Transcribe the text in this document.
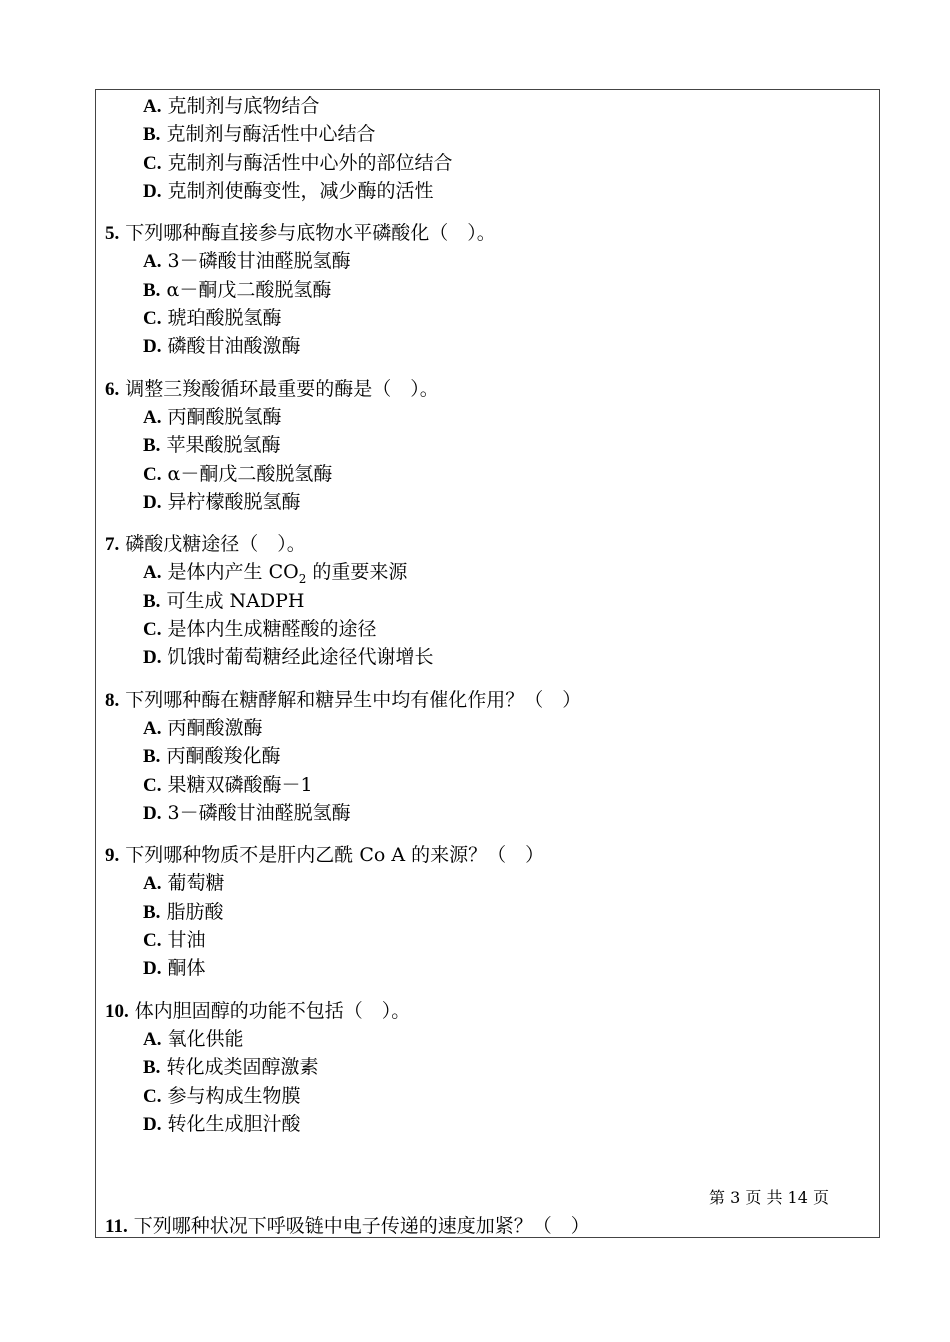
A. 克制剂与底物结合
B. 克制剂与酶活性中心结合
C. 克制剂与酶活性中心外的部位结合
D. 克制剂使酶变性，减少酶的活性
5. 下列哪种酶直接参与底物水平磷酸化（　）。
A. 3－磷酸甘油醛脱氢酶
B. α－酮戊二酸脱氢酶
C. 琥珀酸脱氢酶
D. 磷酸甘油酸激酶
6. 调整三羧酸循环最重要的酶是（　）。
A. 丙酮酸脱氢酶
B. 苹果酸脱氢酶
C. α－酮戊二酸脱氢酶
D. 异柠檬酸脱氢酶
7. 磷酸戊糖途径（　）。
A. 是体内产生 $CO_2$ 的重要来源
B. 可生成 NADPH
C. 是体内生成糖醛酸的途径
D. 饥饿时葡萄糖经此途径代谢增长
8. 下列哪种酶在糖酵解和糖异生中均有催化作用？（　）
A. 丙酮酸激酶
B. 丙酮酸羧化酶
C. 果糖双磷酸酶－1
D. 3－磷酸甘油醛脱氢酶
9. 下列哪种物质不是肝内乙酰 Co A 的来源？（　）
A. 葡萄糖
B. 脂肪酸
C. 甘油
D. 酮体
10. 体内胆固醇的功能不包括（　）。
A. 氧化供能
B. 转化成类固醇激素
C. 参与构成生物膜
D. 转化生成胆汁酸
第 3 页 共 14 页
11. 下列哪种状况下呼吸链中电子传递的速度加紧？（　）
